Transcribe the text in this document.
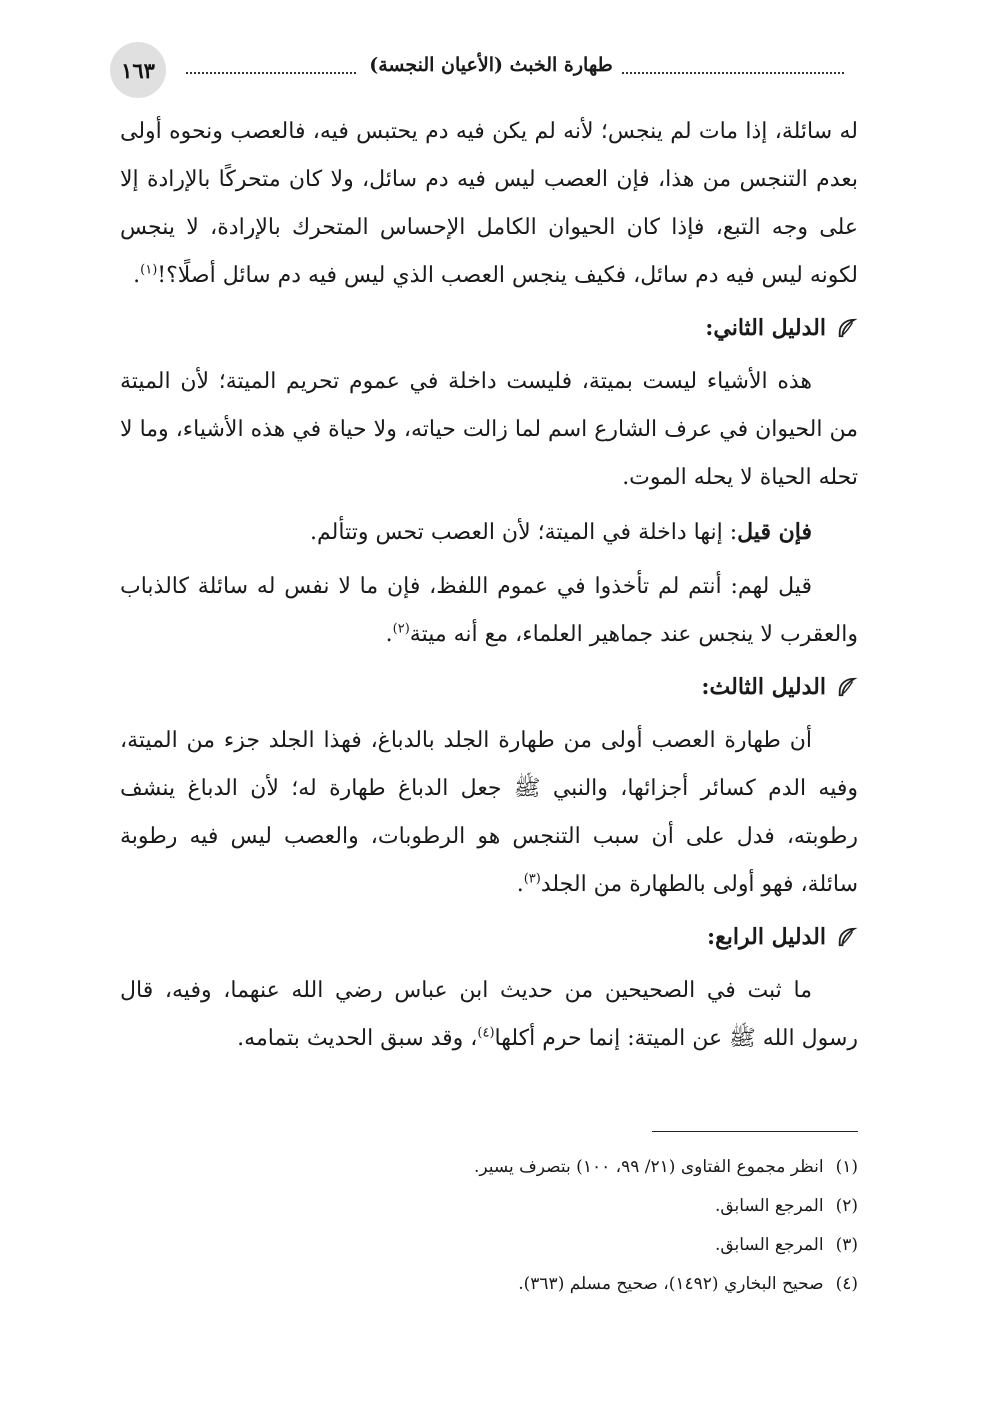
١٦٣	طهارة الخبث (الأعيان النجسة)

له سائلة، إذا مات لم ينجس؛ لأنه لم يكن فيه دم يحتبس فيه، فالعصب ونحوه أولى بعدم التنجس من هذا، فإن العصب ليس فيه دم سائل، ولا كان متحركًا بالإرادة إلا على وجه التبع، فإذا كان الحيوان الكامل الإحساس المتحرك بالإرادة، لا ينجس لكونه ليس فيه دم سائل، فكيف ينجس العصب الذي ليس فيه دم سائل أصلًا؟!$^{(١)}$.

الدليل الثاني:

هذه الأشياء ليست بميتة، فليست داخلة في عموم تحريم الميتة؛ لأن الميتة من الحيوان في عرف الشارع اسم لما زالت حياته، ولا حياة في هذه الأشياء، وما لا تحله الحياة لا يحله الموت.

فإن قيل: إنها داخلة في الميتة؛ لأن العصب تحس وتتألم.

قيل لهم: أنتم لم تأخذوا في عموم اللفظ، فإن ما لا نفس له سائلة كالذباب والعقرب لا ينجس عند جماهير العلماء، مع أنه ميتة$^{(٢)}$.

الدليل الثالث:

أن طهارة العصب أولى من طهارة الجلد بالدباغ، فهذا الجلد جزء من الميتة، وفيه الدم كسائر أجزائها، والنبي ﷺ جعل الدباغ طهارة له؛ لأن الدباغ ينشف رطوبته، فدل على أن سبب التنجس هو الرطوبات، والعصب ليس فيه رطوبة سائلة، فهو أولى بالطهارة من الجلد$^{(٣)}$.

الدليل الرابع:

ما ثبت في الصحيحين من حديث ابن عباس رضي الله عنهما، وفيه، قال رسول الله ﷺ عن الميتة: إنما حرم أكلها$^{(٤)}$، وقد سبق الحديث بتمامه.

(١)
انظر مجموع الفتاوى (٢١/ ٩٩، ١٠٠) بتصرف يسير.
(٢)
المرجع السابق.
(٣)
المرجع السابق.
(٤)
صحيح البخاري (١٤٩٢)، صحيح مسلم (٣٦٣).
